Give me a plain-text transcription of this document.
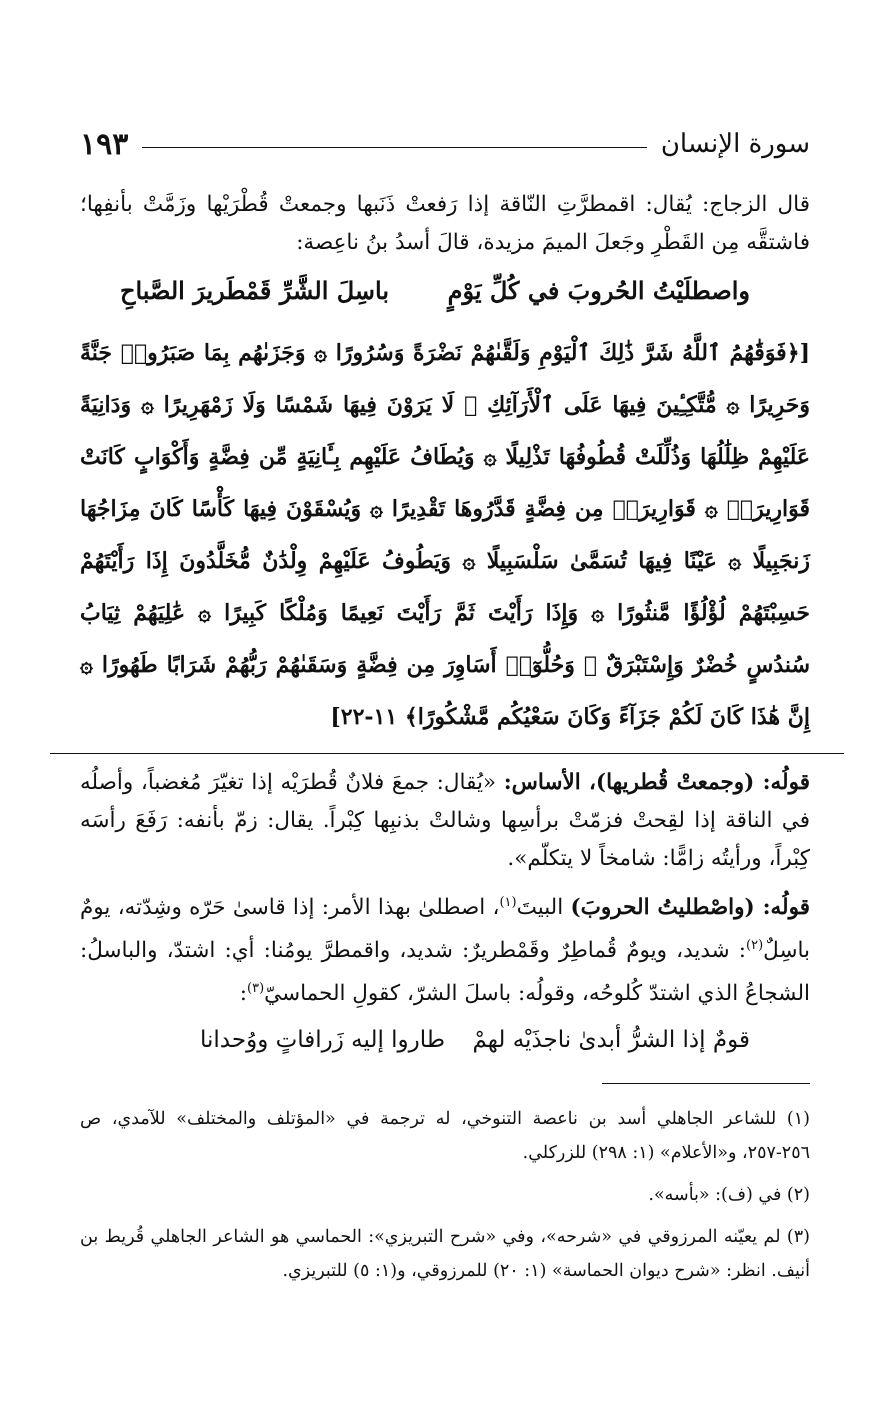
سورة الإنسان
١٩٣

قال الزجاج: يُقال: اقمطرَّتِ النّاقة إذا رَفعتْ ذَنَبها وجمعتْ قُطْرَيْها وزَمَّتْ بأنفِها؛ فاشتقَّه مِن القَطْرِ وجَعلَ الميمَ مزيدة، قالَ أسدُ بنُ ناعِصة:

واصطلَيْتُ الحُروبَ في كُلِّ يَوْمٍ
باسِلَ الشَّرِّ قَمْطَريرَ الصَّباحِ
[﴿فَوَقَٰهُمُ ٱللَّهُ شَرَّ ذَٰلِكَ ٱلْيَوْمِ وَلَقَّىٰهُمْ نَضْرَةً وَسُرُورًا ۞ وَجَزَىٰهُم بِمَا صَبَرُوا۟ جَنَّةً وَحَرِيرًا ۞ مُّتَّكِـِٔينَ فِيهَا عَلَى ٱلْأَرَآئِكِ ۖ لَا يَرَوْنَ فِيهَا شَمْسًا وَلَا زَمْهَرِيرًا ۞ وَدَانِيَةً عَلَيْهِمْ ظِلَٰلُهَا وَذُلِّلَتْ قُطُوفُهَا تَذْلِيلًا ۞ وَيُطَافُ عَلَيْهِم بِـَٔانِيَةٍ مِّن فِضَّةٍ وَأَكْوَابٍ كَانَتْ قَوَارِيرَا۠ ۞ قَوَارِيرَا۟ مِن فِضَّةٍ قَدَّرُوهَا تَقْدِيرًا ۞ وَيُسْقَوْنَ فِيهَا كَأْسًا كَانَ مِزَاجُهَا زَنجَبِيلًا ۞ عَيْنًا فِيهَا تُسَمَّىٰ سَلْسَبِيلًا ۞ وَيَطُوفُ عَلَيْهِمْ وِلْدَٰنٌ مُّخَلَّدُونَ إِذَا رَأَيْتَهُمْ حَسِبْتَهُمْ لُؤْلُؤًا مَّنثُورًا ۞ وَإِذَا رَأَيْتَ ثَمَّ رَأَيْتَ نَعِيمًا وَمُلْكًا كَبِيرًا ۞ عَٰلِيَهُمْ ثِيَابُ سُندُسٍ خُضْرٌ وَإِسْتَبْرَقٌ ۖ وَحُلُّوٓا۟ أَسَاوِرَ مِن فِضَّةٍ وَسَقَىٰهُمْ رَبُّهُمْ شَرَابًا طَهُورًا ۞ إِنَّ هَٰذَا كَانَ لَكُمْ جَزَآءً وَكَانَ سَعْيُكُم مَّشْكُورًا﴾ ١١-٢٢]

قولُه: (وجمعتْ قُطريها)، الأساس: «يُقال: جمعَ فلانٌ قُطرَيْه إذا تغيّرَ مُغضباً، وأصلُه في الناقة إذا لقِحتْ فزمّتْ برأسِها وشالتْ بذنبِها كِبْراً. يقال: زمّ بأنفه: رَفَعَ رأسَه كِبْراً، ورأيتُه زامًّا: شامخاً لا يتكلّم».

قولُه: (واصْطليتُ الحروبَ) البيتَ$^{(١)}$، اصطلىٰ بهذا الأمر: إذا قاسىٰ حَرّه وشِدّته، يومٌ باسِلٌ$^{(٢)}$: شديد، ويومٌ قُماطِرٌ وقَمْطريرٌ: شديد، واقمطرَّ يومُنا: أي: اشتدّ، والباسلُ: الشجاعُ الذي اشتدّ كُلوحُه، وقولُه: باسلَ الشرّ، كقولِ الحماسيّ$^{(٣)}$:

قومٌ إذا الشرُّ أبدىٰ ناجذَيْه لهمْ
طاروا إليه زَرافاتٍ ووُحدانا

(١) للشاعر الجاهلي أسد بن ناعصة التنوخي، له ترجمة في «المؤتلف والمختلف» للآمدي، ص ٢٥٦-٢٥٧، و«الأعلام» (١: ٢٩٨) للزركلي.

(٢) في (ف): «بأسه».

(٣) لم يعيّنه المرزوقي في «شرحه»، وفي «شرح التبريزي»: الحماسي هو الشاعر الجاهلي قُريط بن أنيف. انظر: «شرح ديوان الحماسة» (١: ٢٠) للمرزوقي، و(١: ٥) للتبريزي.
